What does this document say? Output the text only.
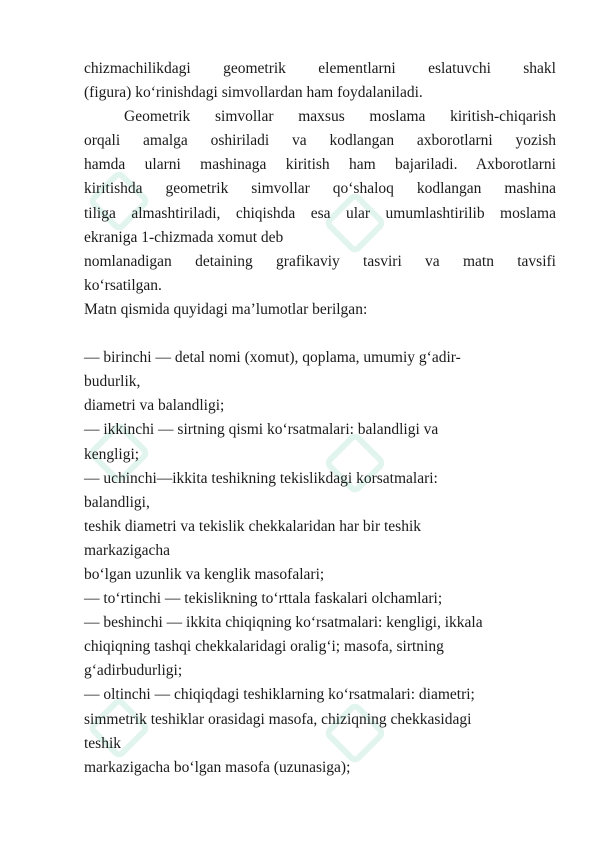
chizmachilikdagi geometrik elementlarni eslatuvchi shakl
(figura) ko‘rinishdagi simvollardan ham foydalaniladi.
Geometrik simvollar maxsus moslama kiritish-chiqarish
orqali amalga oshiriladi va kodlangan axborotlarni yozish
hamda ularni mashinaga kiritish ham bajariladi. Axborotlarni
kiritishda geometrik simvollar qo‘shaloq kodlangan mashina
tiliga almashtiriladi, chiqishda esa ular umumlashtirilib moslama
ekraniga 1-chizmada xomut deb
nomlanadigan detaining grafikaviy tasviri va matn tavsifi
ko‘rsatilgan.
Matn qismida quyidagi ma’lumotlar berilgan:
— birinchi — detal nomi (xomut), qoplama, umumiy g‘adir-
budurlik,
diametri va balandligi;
— ikkinchi — sirtning qismi ko‘rsatmalari: balandligi va
kengligi;
— uchinchi—ikkita teshikning tekislikdagi korsatmalari:
balandligi,
teshik diametri va tekislik chekkalaridan har bir teshik
markazigacha
bo‘lgan uzunlik va kenglik masofalari;
— to‘rtinchi — tekislikning to‘rttala faskalari olchamlari;
— beshinchi — ikkita chiqiqning ko‘rsatmalari: kengligi, ikkala
chiqiqning tashqi chekkalaridagi oralig‘i; masofa, sirtning
g‘adirbudurligi;
— oltinchi — chiqiqdagi teshiklarning ko‘rsatmalari: diametri;
simmetrik teshiklar orasidagi masofa, chiziqning chekkasidagi
teshik
markazigacha bo‘lgan masofa (uzunasiga);
